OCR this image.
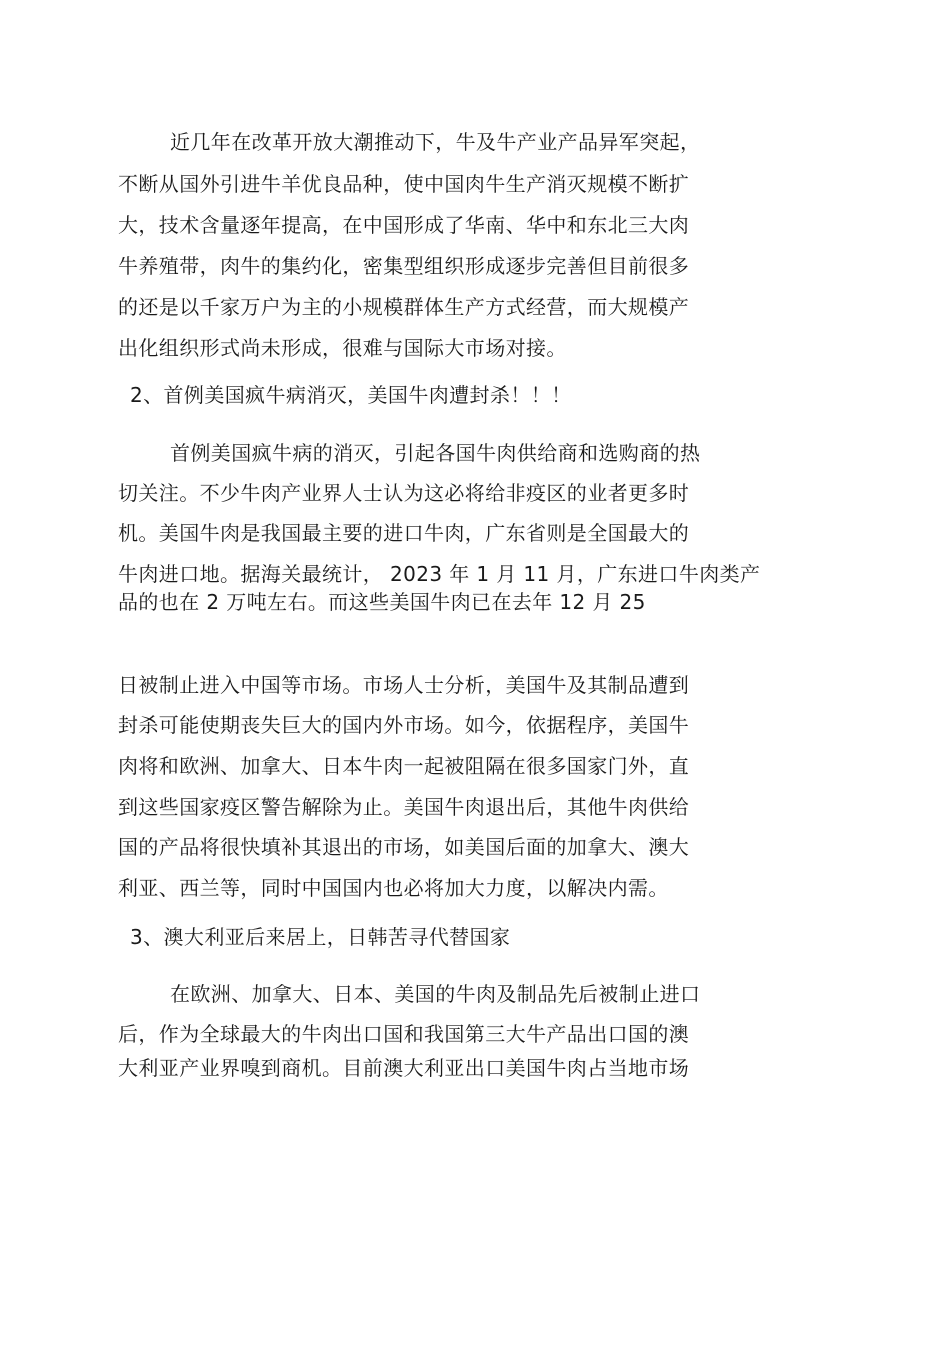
近几年在改革开放大潮推动下，牛及牛产业产品异军突起，
不断从国外引进牛羊优良品种，使中国肉牛生产消灭规模不断扩
大，技术含量逐年提高，在中国形成了华南、华中和东北三大肉
牛养殖带，肉牛的集约化，密集型组织形成逐步完善但目前很多
的还是以千家万户为主的小规模群体生产方式经营，而大规模产
出化组织形式尚未形成，很难与国际大市场对接。
2、首例美国疯牛病消灭，美国牛肉遭封杀！！！
首例美国疯牛病的消灭，引起各国牛肉供给商和选购商的热
切关注。不少牛肉产业界人士认为这必将给非疫区的业者更多时
机。美国牛肉是我国最主要的进口牛肉，广东省则是全国最大的
牛肉进口地。据海关最统计， 2023 年 1 月 11 月，广东进口牛肉类产
品的也在 2 万吨左右。而这些美国牛肉已在去年 12 月 25
日被制止进入中国等市场。市场人士分析，美国牛及其制品遭到
封杀可能使期丧失巨大的国内外市场。如今，依据程序，美国牛
肉将和欧洲、加拿大、日本牛肉一起被阻隔在很多国家门外，直
到这些国家疫区警告解除为止。美国牛肉退出后，其他牛肉供给
国的产品将很快填补其退出的市场，如美国后面的加拿大、澳大
利亚、西兰等，同时中国国内也必将加大力度，以解决内需。
3、澳大利亚后来居上，日韩苦寻代替国家
在欧洲、加拿大、日本、美国的牛肉及制品先后被制止进口
后，作为全球最大的牛肉出口国和我国第三大牛产品出口国的澳
大利亚产业界嗅到商机。目前澳大利亚出口美国牛肉占当地市场
